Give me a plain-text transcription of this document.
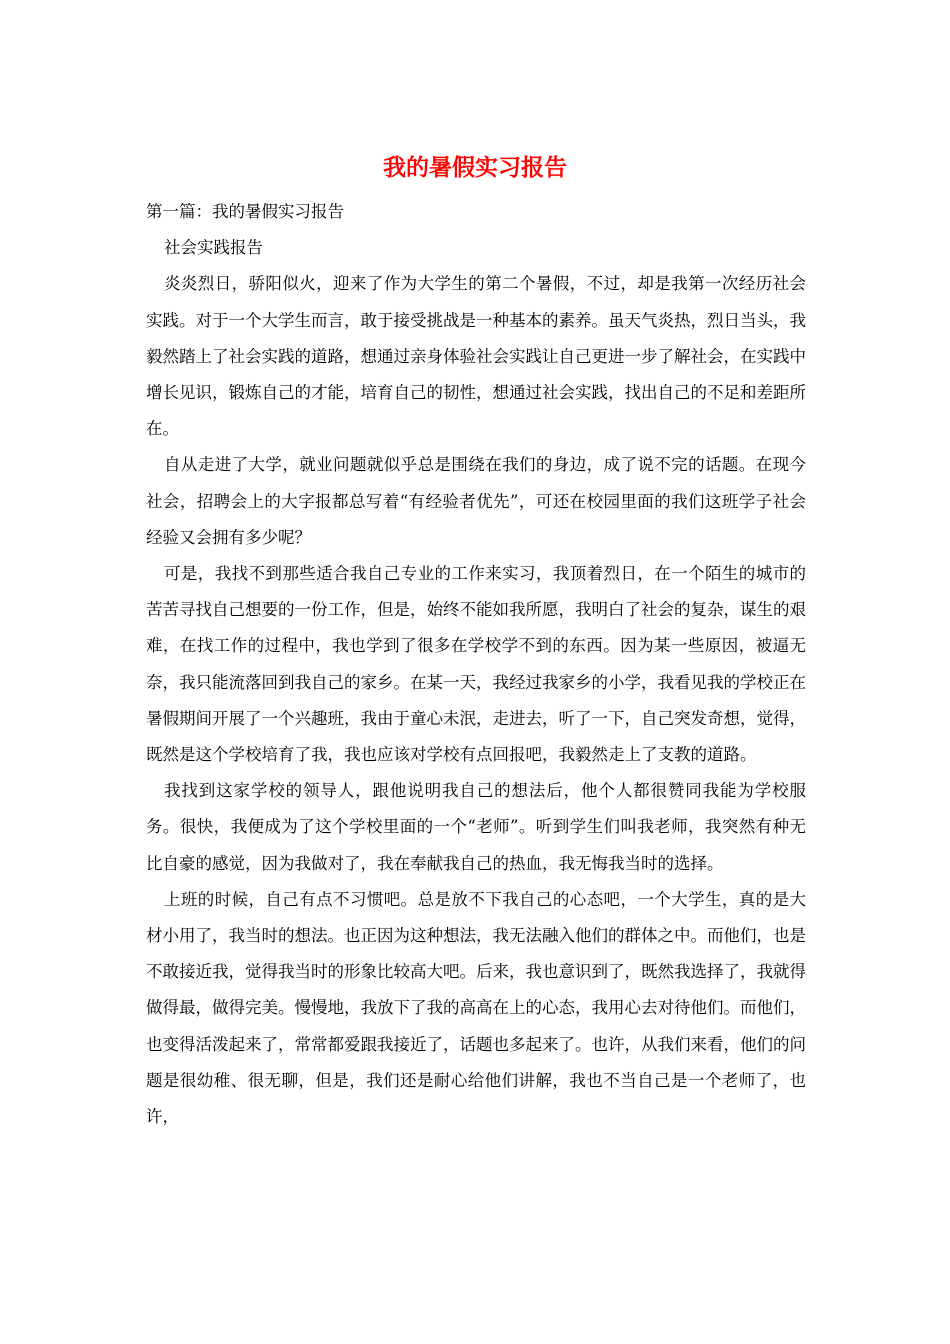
我的暑假实习报告

第一篇：我的暑假实习报告

社会实践报告

炎炎烈日，骄阳似火，迎来了作为大学生的第二个暑假，不过，却是我第一次经历社会实践。对于一个大学生而言，敢于接受挑战是一种基本的素养。虽天气炎热，烈日当头，我毅然踏上了社会实践的道路，想通过亲身体验社会实践让自己更进一步了解社会，在实践中增长见识，锻炼自己的才能，培育自己的韧性，想通过社会实践，找出自己的不足和差距所在。

自从走进了大学，就业问题就似乎总是围绕在我们的身边，成了说不完的话题。在现今社会，招聘会上的大字报都总写着“有经验者优先”，可还在校园里面的我们这班学子社会经验又会拥有多少呢？

可是，我找不到那些适合我自己专业的工作来实习，我顶着烈日，在一个陌生的城市的苦苦寻找自己想要的一份工作，但是，始终不能如我所愿，我明白了社会的复杂，谋生的艰难，在找工作的过程中，我也学到了很多在学校学不到的东西。因为某一些原因，被逼无奈，我只能流落回到我自己的家乡。在某一天，我经过我家乡的小学，我看见我的学校正在暑假期间开展了一个兴趣班，我由于童心未泯，走进去，听了一下，自己突发奇想，觉得，既然是这个学校培育了我，我也应该对学校有点回报吧，我毅然走上了支教的道路。

我找到这家学校的领导人，跟他说明我自己的想法后，他个人都很赞同我能为学校服务。很快，我便成为了这个学校里面的一个“老师”。听到学生们叫我老师，我突然有种无比自豪的感觉，因为我做对了，我在奉献我自己的热血，我无悔我当时的选择。

上班的时候，自己有点不习惯吧。总是放不下我自己的心态吧，一个大学生，真的是大材小用了，我当时的想法。也正因为这种想法，我无法融入他们的群体之中。而他们，也是不敢接近我，觉得我当时的形象比较高大吧。后来，我也意识到了，既然我选择了，我就得做得最，做得完美。慢慢地，我放下了我的高高在上的心态，我用心去对待他们。而他们，也变得活泼起来了，常常都爱跟我接近了，话题也多起来了。也许，从我们来看，他们的问题是很幼稚、很无聊，但是，我们还是耐心给他们讲解，我也不当自己是一个老师了，也许，
